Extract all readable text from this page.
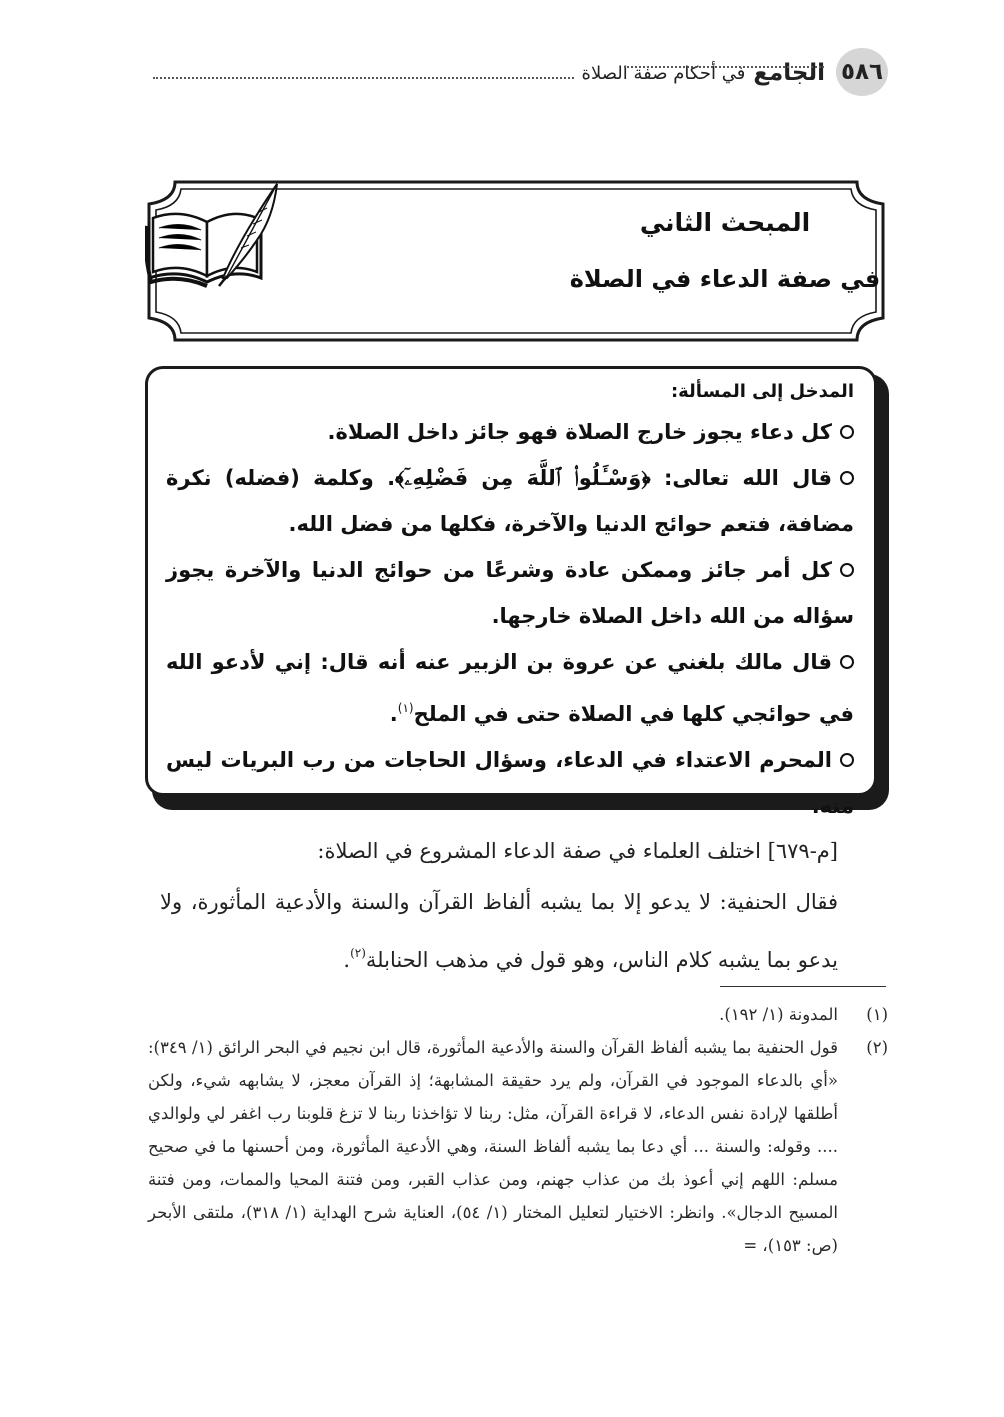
٥٨٦
الجامع
في أحكام صفة الصلاة
المبحث الثاني
في صفة الدعاء في الصلاة
المدخل إلى المسألة:
كل دعاء يجوز خارج الصلاة فهو جائز داخل الصلاة.
قال الله تعالى: ﴿وَسْـَٔلُوا۟ ٱللَّهَ مِن فَضْلِهِۦٓ﴾. وكلمة (فضله) نكرة مضافة، فتعم حوائج الدنيا والآخرة، فكلها من فضل الله.
كل أمر جائز وممكن عادة وشرعًا من حوائج الدنيا والآخرة يجوز سؤاله من الله داخل الصلاة خارجها.
قال مالك بلغني عن عروة بن الزبير عنه أنه قال: إني لأدعو الله في حوائجي كلها في الصلاة حتى في الملح$^{(١)}$.
المحرم الاعتداء في الدعاء، وسؤال الحاجات من رب البريات ليس منه.

[م-٦٧٩] اختلف العلماء في صفة الدعاء المشروع في الصلاة:

فقال الحنفية: لا يدعو إلا بما يشبه ألفاظ القرآن والسنة والأدعية المأثورة، ولا يدعو بما يشبه كلام الناس، وهو قول في مذهب الحنابلة$^{(٢)}$.

(١)
المدونة (١/ ١٩٢).
(٢)
قول الحنفية بما يشبه ألفاظ القرآن والسنة والأدعية المأثورة، قال ابن نجيم في البحر الرائق (١/ ٣٤٩): «أي بالدعاء الموجود في القرآن، ولم يرد حقيقة المشابهة؛ إذ القرآن معجز، لا يشابهه شيء، ولكن أطلقها لإرادة نفس الدعاء، لا قراءة القرآن، مثل: ربنا لا تؤاخذنا ربنا لا تزغ قلوبنا رب اغفر لي ولوالدي .... وقوله: والسنة ... أي دعا بما يشبه ألفاظ السنة، وهي الأدعية المأثورة، ومن أحسنها ما في صحيح مسلم: اللهم إني أعوذ بك من عذاب جهنم، ومن عذاب القبر، ومن فتنة المحيا والممات، ومن فتنة المسيح الدجال». وانظر: الاختيار لتعليل المختار (١/ ٥٤)، العناية شرح الهداية (١/ ٣١٨)، ملتقى الأبحر (ص: ١٥٣)، =
